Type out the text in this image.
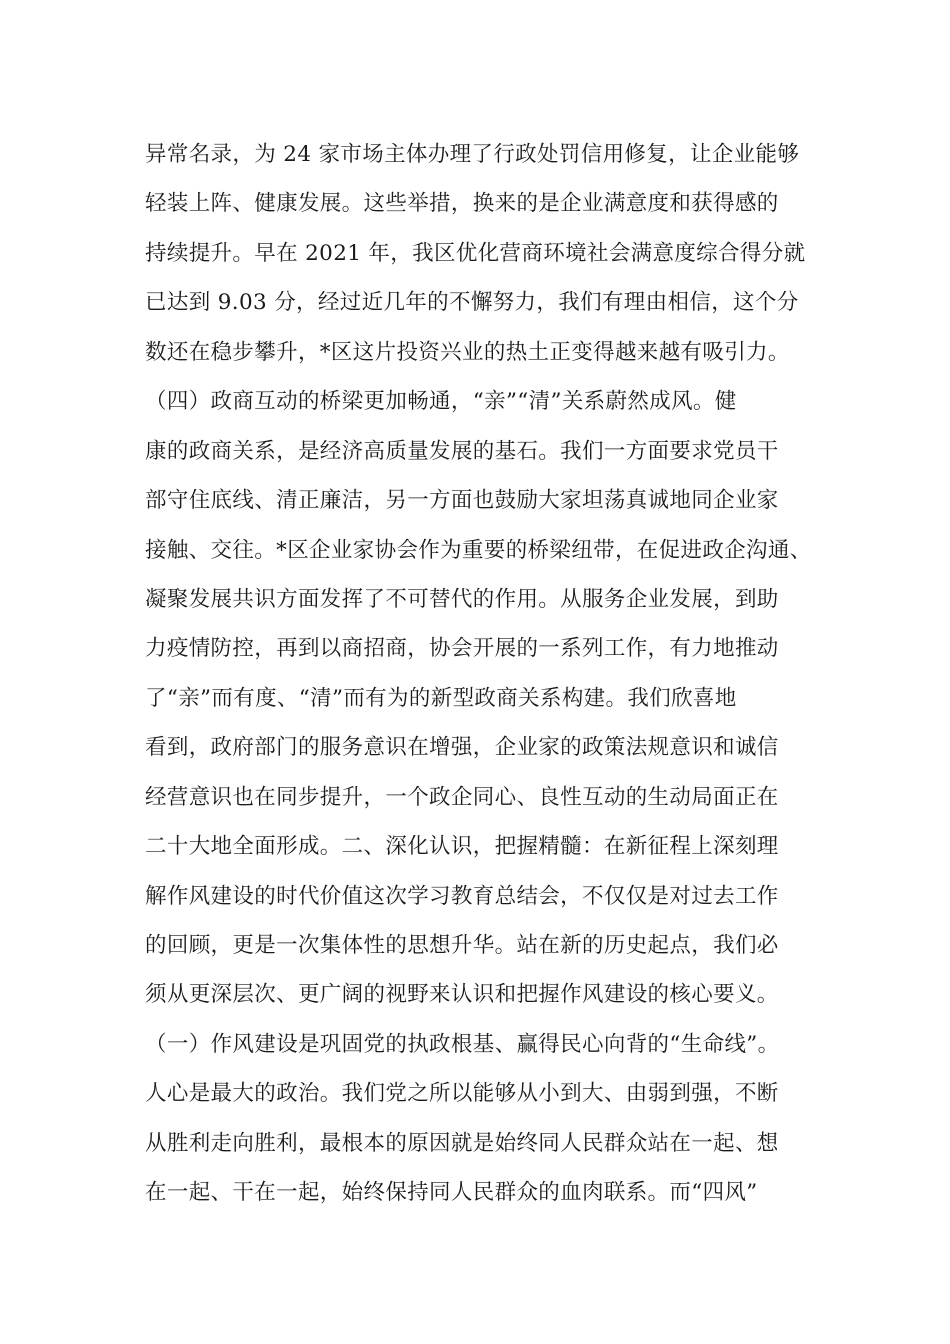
异常名录，为 24 家市场主体办理了行政处罚信用修复，让企业能够
轻装上阵、健康发展。这些举措，换来的是企业满意度和获得感的
持续提升。早在 2021 年，我区优化营商环境社会满意度综合得分就
已达到 9.03 分，经过近几年的不懈努力，我们有理由相信，这个分
数还在稳步攀升，*区这片投资兴业的热土正变得越来越有吸引力。
（四）政商互动的桥梁更加畅通，“亲”“清”关系蔚然成风。健
康的政商关系，是经济高质量发展的基石。我们一方面要求党员干
部守住底线、清正廉洁，另一方面也鼓励大家坦荡真诚地同企业家
接触、交往。*区企业家协会作为重要的桥梁纽带，在促进政企沟通、
凝聚发展共识方面发挥了不可替代的作用。从服务企业发展，到助
力疫情防控，再到以商招商，协会开展的一系列工作，有力地推动
了“亲”而有度、“清”而有为的新型政商关系构建。我们欣喜地
看到，政府部门的服务意识在增强，企业家的政策法规意识和诚信
经营意识也在同步提升，一个政企同心、良性互动的生动局面正在
二十大地全面形成。二、深化认识，把握精髓：在新征程上深刻理
解作风建设的时代价值这次学习教育总结会，不仅仅是对过去工作
的回顾，更是一次集体性的思想升华。站在新的历史起点，我们必
须从更深层次、更广阔的视野来认识和把握作风建设的核心要义。
（一）作风建设是巩固党的执政根基、赢得民心向背的“生命线”。
人心是最大的政治。我们党之所以能够从小到大、由弱到强，不断
从胜利走向胜利，最根本的原因就是始终同人民群众站在一起、想
在一起、干在一起，始终保持同人民群众的血肉联系。而“四风”
